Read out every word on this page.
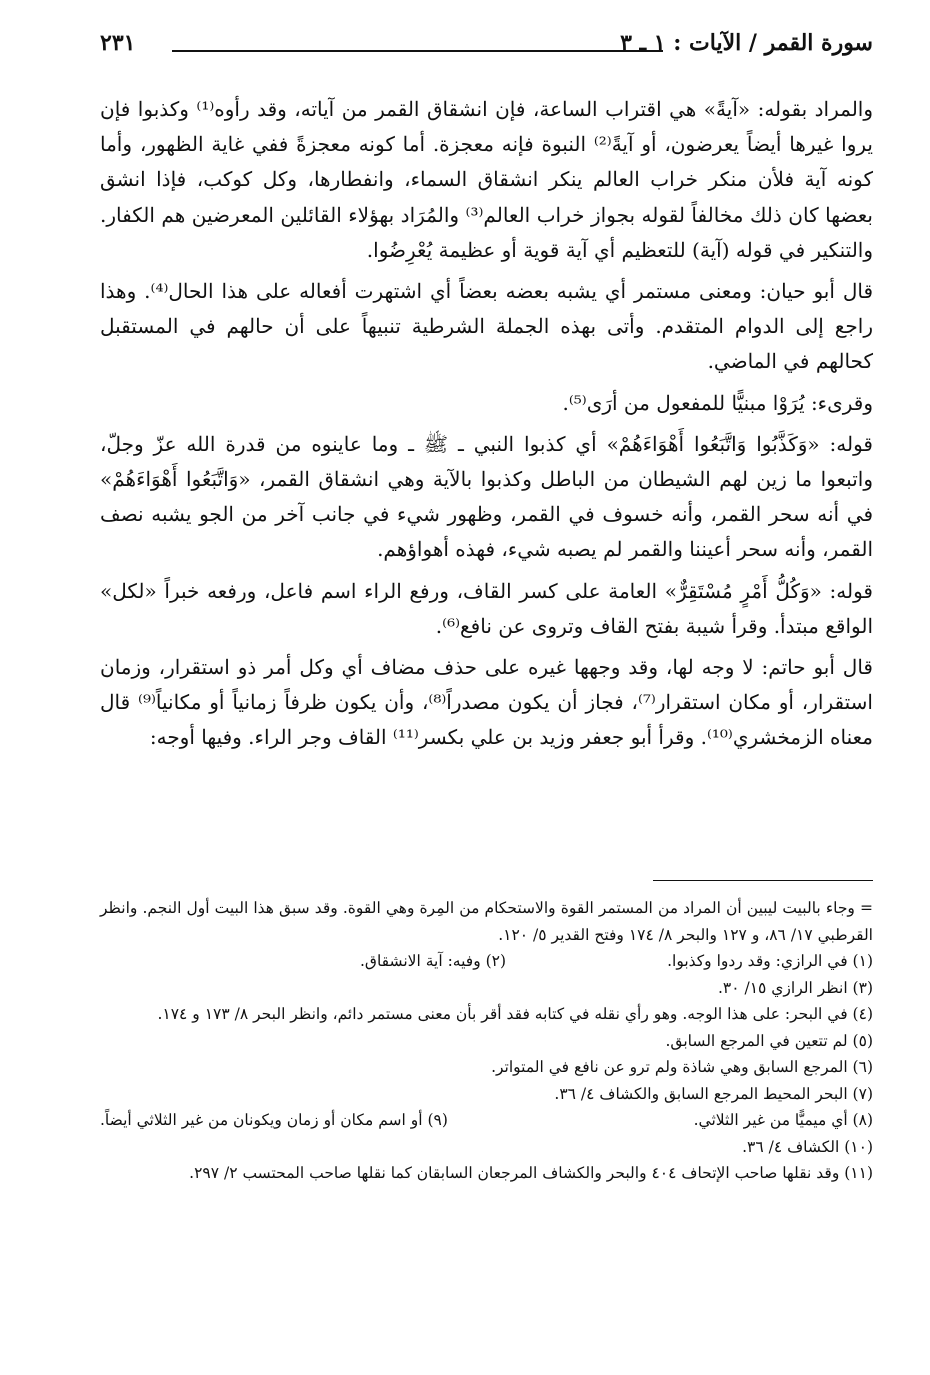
سورة القمر / الآيات : ١ ـ ٣
٢٣١

والمراد بقوله: «آيةً» هي اقتراب الساعة، فإن انشقاق القمر من آياته، وقد رأوه⁽¹⁾ وكذبوا فإن يروا غيرها أيضاً يعرضون، أو آيةً⁽²⁾ النبوة فإنه معجزة. أما كونه معجزةً ففي غاية الظهور، وأما كونه آية فلأن منكر خراب العالم ينكر انشقاق السماء، وانفطارها، وكل كوكب، فإذا انشق بعضها كان ذلك مخالفاً لقوله بجواز خراب العالم⁽³⁾ والمُرَاد بهؤلاء القائلين المعرضين هم الكفار. والتنكير في قوله (آية) للتعظيم أي آية قوية أو عظيمة يُعْرِضُوا.

قال أبو حيان: ومعنى مستمر أي يشبه بعضه بعضاً أي اشتهرت أفعاله على هذا الحال⁽⁴⁾. وهذا راجع إلى الدوام المتقدم. وأتى بهذه الجملة الشرطية تنبيهاً على أن حالهم في المستقبل كحالهم في الماضي.

وقرىء: يُرَوْا مبنيًّا للمفعول من أرَى⁽⁵⁾.

قوله: «وَكَذَّبُوا وَاتَّبَعُوا أَهْوَاءَهُمْ» أي كذبوا النبي ـ ﷺ ـ وما عاينوه من قدرة الله عزّ وجلّ، واتبعوا ما زين لهم الشيطان من الباطل وكذبوا بالآية وهي انشقاق القمر، «وَاتَّبَعُوا أَهْوَاءَهُمْ» في أنه سحر القمر، وأنه خسوف في القمر، وظهور شيء في جانب آخر من الجو يشبه نصف القمر، وأنه سحر أعيننا والقمر لم يصبه شيء، فهذه أهواؤهم.

قوله: «وَكُلُّ أَمْرٍ مُسْتَقِرٌّ» العامة على كسر القاف، ورفع الراء اسم فاعل، ورفعه خبراً «لكل» الواقع مبتدأ. وقرأ شيبة بفتح القاف وتروى عن نافع⁽⁶⁾.

قال أبو حاتم: لا وجه لها، وقد وجهها غيره على حذف مضاف أي وكل أمر ذو استقرار، وزمان استقرار، أو مكان استقرار⁽⁷⁾، فجاز أن يكون مصدراً⁽⁸⁾، وأن يكون ظرفاً زمانياً أو مكانياً⁽⁹⁾ قال معناه الزمخشري⁽¹⁰⁾. وقرأ أبو جعفر وزيد بن علي بكسر⁽¹¹⁾ القاف وجر الراء. وفيها أوجه:

= وجاء بالبيت ليبين أن المراد من المستمر القوة والاستحكام من المِرة وهي القوة. وقد سبق هذا البيت أول النجم. وانظر القرطبي ١٧/ ٨٦، و ١٢٧ والبحر ٨/ ١٧٤ وفتح القدير ٥/ ١٢٠.

(١) في الرازي: وقد ردوا وكذبوا.
(٢) وفيه: آية الانشقاق.

(٣) انظر الرازي ١٥/ ٣٠.

(٤) في البحر: على هذا الوجه. وهو رأي نقله في كتابه فقد أقر بأن معنى مستمر دائم، وانظر البحر ٨/ ١٧٣ و ١٧٤.

(٥) لم تتعين في المرجع السابق.

(٦) المرجع السابق وهي شاذة ولم ترو عن نافع في المتواتر.

(٧) البحر المحيط المرجع السابق والكشاف ٤/ ٣٦.

(٨) أي ميميًّا من غير الثلاثي.
(٩) أو اسم مكان أو زمان ويكونان من غير الثلاثي أيضاً.

(١٠) الكشاف ٤/ ٣٦.

(١١) وقد نقلها صاحب الإتحاف ٤٠٤ والبحر والكشاف المرجعان السابقان كما نقلها صاحب المحتسب ٢/ ٢٩٧.
